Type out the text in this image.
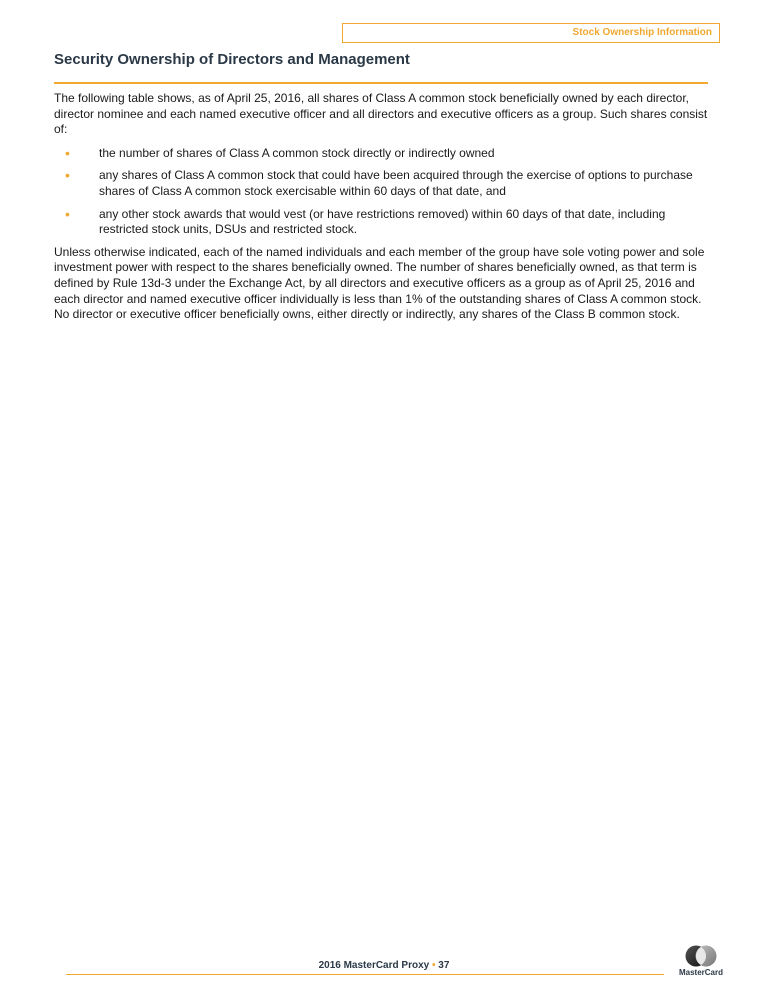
Stock Ownership Information
Security Ownership of Directors and Management

The following table shows, as of April 25, 2016, all shares of Class A common stock beneficially owned by each director, director nominee and each named executive officer and all directors and executive officers as a group. Such shares consist of:

• the number of shares of Class A common stock directly or indirectly owned
• any shares of Class A common stock that could have been acquired through the exercise of options to purchase shares of Class A common stock exercisable within 60 days of that date, and
• any other stock awards that would vest (or have restrictions removed) within 60 days of that date, including restricted stock units, DSUs and restricted stock.

Unless otherwise indicated, each of the named individuals and each member of the group have sole voting power and sole investment power with respect to the shares beneficially owned. The number of shares beneficially owned, as that term is defined by Rule 13d-3 under the Exchange Act, by all directors and executive officers as a group as of April 25, 2016 and each director and named executive officer individually is less than 1% of the outstanding shares of Class A common stock. No director or executive officer beneficially owns, either directly or indirectly, any shares of the Class B common stock.

2016 MasterCard Proxy • 37
MasterCard
